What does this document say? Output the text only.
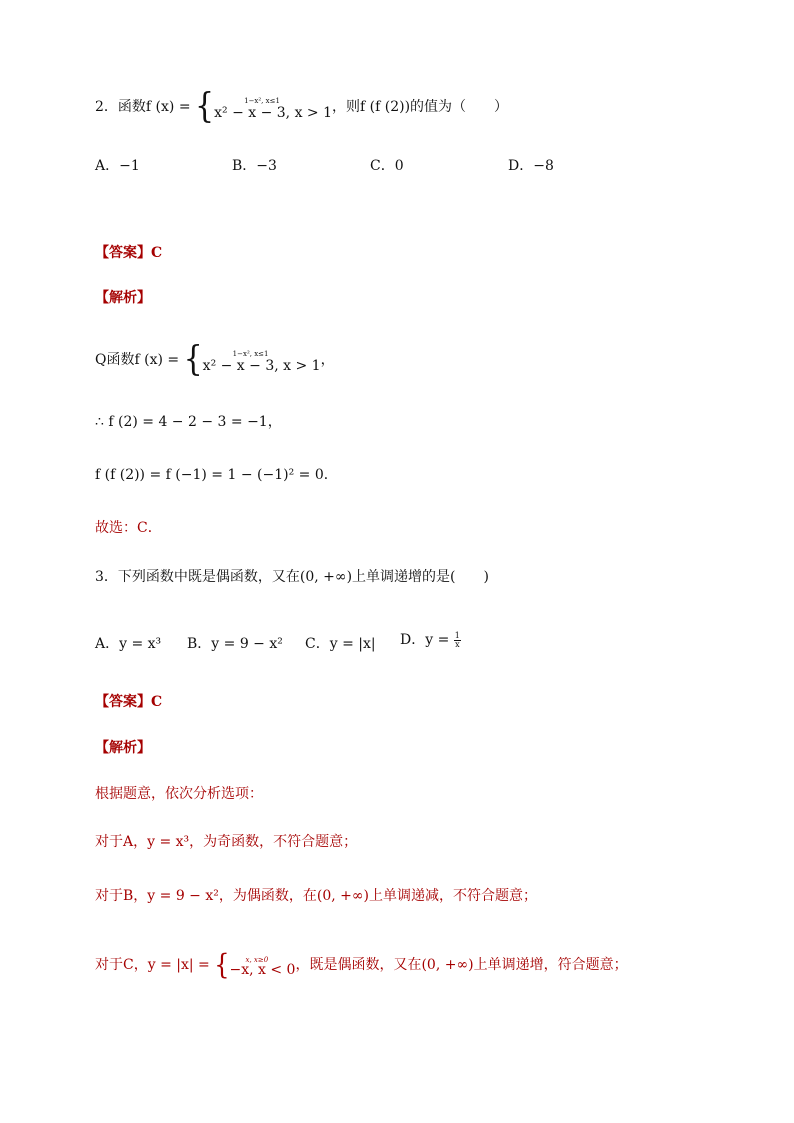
2．函数f (x) = {	1−x², x≤1
x² − x − 3, x > 1 ，则f (f (2))的值为（　　）
A．−1	B．−3	C．0	D．−8
【答案】C
【解析】
Q函数f (x) = {	1−x², x≤1
x² − x − 3, x > 1 ，
∴ f (2) = 4 − 2 − 3 = −1，
f (f (2)) = f (−1) = 1 − (−1)² = 0．
故选：C．
3．下列函数中既是偶函数，又在(0, +∞)上单调递增的是(　　)
A．y = x³ B．y = 9 − x² C．y = |x| D．$y = \frac{1}{x}$
【答案】C
【解析】
根据题意，依次分析选项：
对于A，y = x³，为奇函数，不符合题意；
对于B，y = 9 − x²，为偶函数，在(0, +∞)上单调递减，不符合题意；
对于C，y = |x| = {	x, x≥0
−x, x < 0 ，既是偶函数，又在(0, +∞)上单调递增，符合题意；
